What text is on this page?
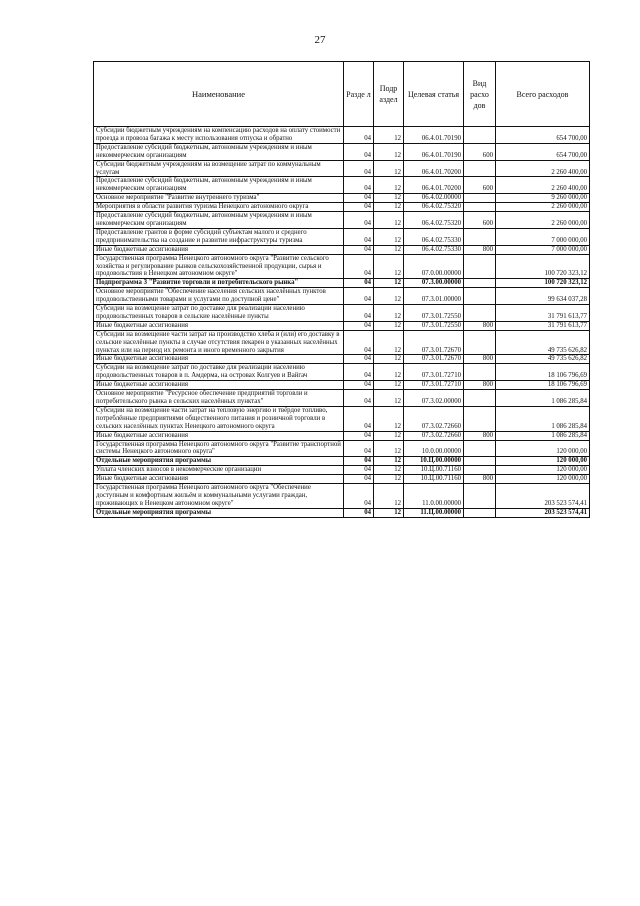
27
Наименование	Разде л	Подр аздел	Целевая статья	Вид расхо дов	Всего расходов
Субсидии бюджетным учреждениям на компенсацию расходов на оплату стоимости проезда и провоза багажа к месту использования отпуска и обратно	04	12	06.4.01.70190		654 700,00
Предоставление субсидий бюджетным, автономным учреждениям и иным некоммерческим организациям	04	12	06.4.01.70190	600	654 700,00
Субсидии бюджетным учреждениям на возмещение затрат по коммунальным услугам	04	12	06.4.01.70200		2 260 400,00
Предоставление субсидий бюджетным, автономным учреждениям и иным некоммерческим организациям	04	12	06.4.01.70200	600	2 260 400,00
Основное мероприятие "Развитие внутреннего туризма"	04	12	06.4.02.00000		9 260 000,00
Мероприятия в области развития туризма Ненецкого автономного округа	04	12	06.4.02.75320		2 260 000,00
Предоставление субсидий бюджетным, автономным учреждениям и иным некоммерческим организациям	04	12	06.4.02.75320	600	2 260 000,00
Предоставление грантов в форме субсидий субъектам малого и среднего предпринимательства на создание и развитие инфраструктуры туризма	04	12	06.4.02.75330		7 000 000,00
Иные бюджетные ассигнования	04	12	06.4.02.75330	800	7 000 000,00
Государственная программа Ненецкого автономного округа "Развитие сельского хозяйства и регулирование рынков сельскохозяйственной продукции, сырья и продовольствия в Ненецком автономном округе"	04	12	07.0.00.00000		100 720 323,12
Подпрограмма 3 "Развитие торговли и потребительского рынка"	04	12	07.3.00.00000		100 720 323,12
Основное мероприятие "Обеспечение населения сельских населённых пунктов продовольственными товарами и услугами по доступной цене"	04	12	07.3.01.00000		99 634 037,28
Субсидии на возмещение затрат по доставке для реализации населению продовольственных товаров в сельские населённые пункты	04	12	07.3.01.72550		31 791 613,77
Иные бюджетные ассигнования	04	12	07.3.01.72550	800	31 791 613,77
Субсидии на возмещение части затрат на производство хлеба и (или) его доставку в сельские населённые пункты в случае отсутствия пекарен в указанных населённых пунктах или на период их ремонта и иного временного закрытия	04	12	07.3.01.72670		49 735 626,82
Иные бюджетные ассигнования	04	12	07.3.01.72670	800	49 735 626,82
Субсидии на возмещение затрат по доставке для реализации населению продовольственных товаров в п. Амдерма, на островах Колгуев и Вайгач	04	12	07.3.01.72710		18 106 796,69
Иные бюджетные ассигнования	04	12	07.3.01.72710	800	18 106 796,69
Основное мероприятие "Ресурсное обеспечение предприятий торговли и потребительского рынка в сельских населённых пунктах"	04	12	07.3.02.00000		1 086 285,84
Субсидии на возмещение части затрат на тепловую энергию и твёрдое топливо, потреблённые предприятиями общественного питания и розничной торговли в сельских населённых пунктах Ненецкого автономного округа	04	12	07.3.02.72660		1 086 285,84
Иные бюджетные ассигнования	04	12	07.3.02.72660	800	1 086 285,84
Государственная программа Ненецкого автономного округа "Развитие транспортной системы Ненецкого автономного округа"	04	12	10.0.00.00000		120 000,00
Отдельные мероприятия программы	04	12	10.Ц.00.00000		120 000,00
Уплата членских взносов в некоммерческие организации	04	12	10.Ц.00.71160		120 000,00
Иные бюджетные ассигнования	04	12	10.Ц.00.71160	800	120 000,00
Государственная программа Ненецкого автономного округа "Обеспечение доступным и комфортным жильём и коммунальными услугами граждан, проживающих в Ненецком автономном округе"	04	12	11.0.00.00000		203 523 574,41
Отдельные мероприятия программы	04	12	11.Ц.00.00000		203 523 574,41
